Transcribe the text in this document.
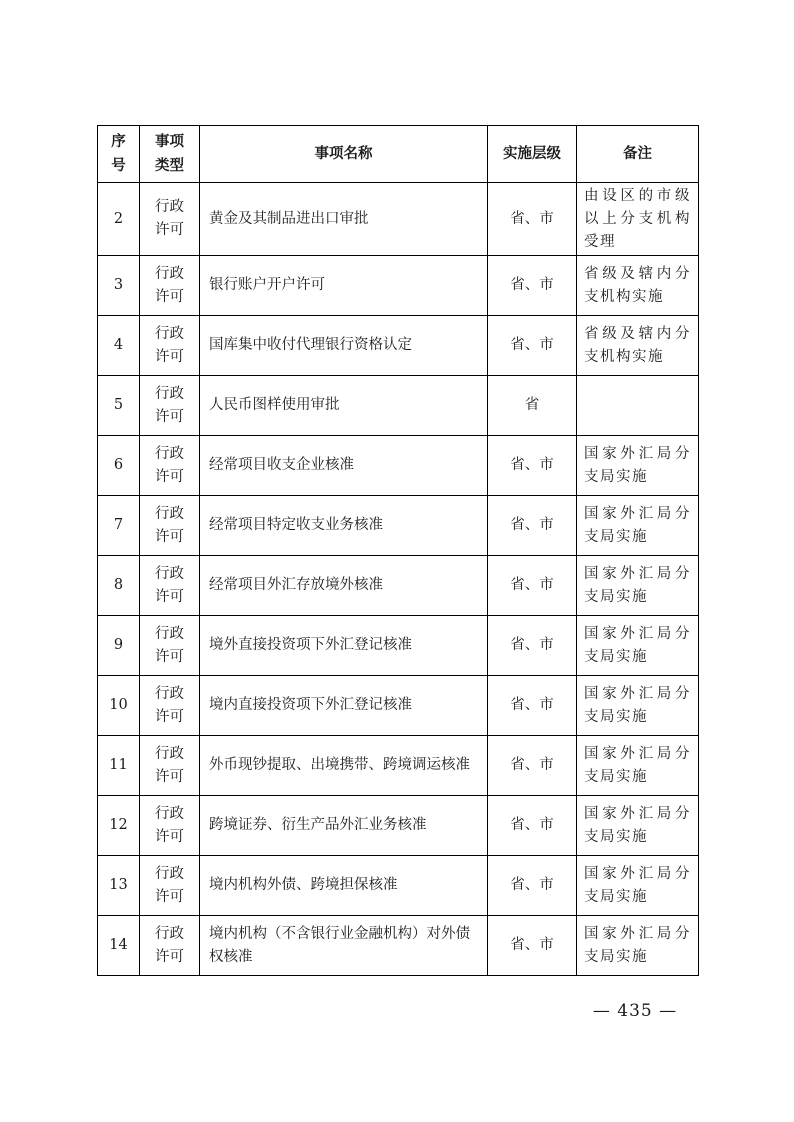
序号	事项类型	事项名称	实施层级	备注
2	行政许可	黄金及其制品进出口审批	省、市	由设区的市级以上分支机构受理
3	行政许可	银行账户开户许可	省、市	省级及辖内分支机构实施
4	行政许可	国库集中收付代理银行资格认定	省、市	省级及辖内分支机构实施
5	行政许可	人民币图样使用审批	省	
6	行政许可	经常项目收支企业核准	省、市	国家外汇局分支局实施
7	行政许可	经常项目特定收支业务核准	省、市	国家外汇局分支局实施
8	行政许可	经常项目外汇存放境外核准	省、市	国家外汇局分支局实施
9	行政许可	境外直接投资项下外汇登记核准	省、市	国家外汇局分支局实施
10	行政许可	境内直接投资项下外汇登记核准	省、市	国家外汇局分支局实施
11	行政许可	外币现钞提取、出境携带、跨境调运核准	省、市	国家外汇局分支局实施
12	行政许可	跨境证券、衍生产品外汇业务核准	省、市	国家外汇局分支局实施
13	行政许可	境内机构外债、跨境担保核准	省、市	国家外汇局分支局实施
14	行政许可	境内机构（不含银行业金融机构）对外债权核准	省、市	国家外汇局分支局实施
— 435 —
